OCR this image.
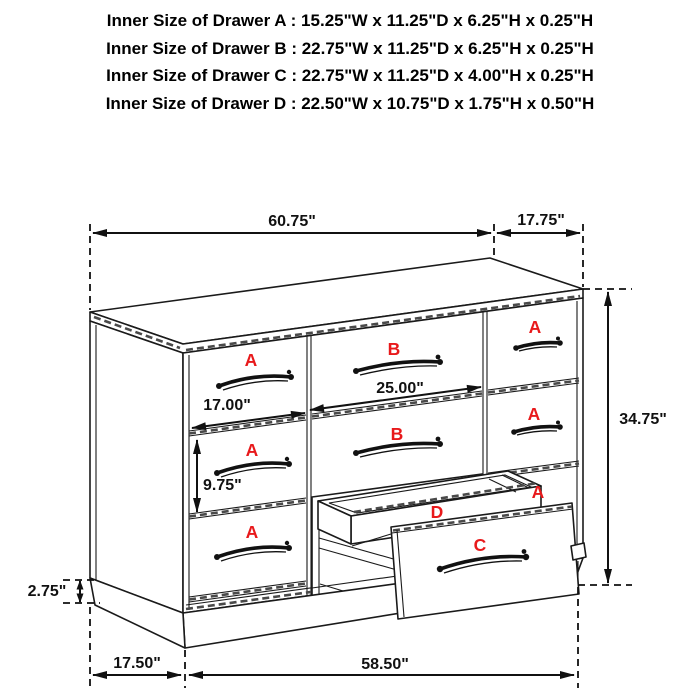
Inner Size of Drawer A : 15.25"W x 11.25"D x 6.25"H x 0.25"H
Inner Size of Drawer B : 22.75"W x 11.25"D x 6.25"H x 0.25"H
Inner Size of Drawer C : 22.75"W x 11.25"D x 4.00"H x 0.25"H
Inner Size of Drawer D : 22.50"W x 10.75"D x 1.75"H x 0.50"H
60.75"	17.75"
34.75"
17.00"
25.00"
9.75"
2.75"
17.50"	58.50"
A
A
A
B
B
A
A
A
D
C
